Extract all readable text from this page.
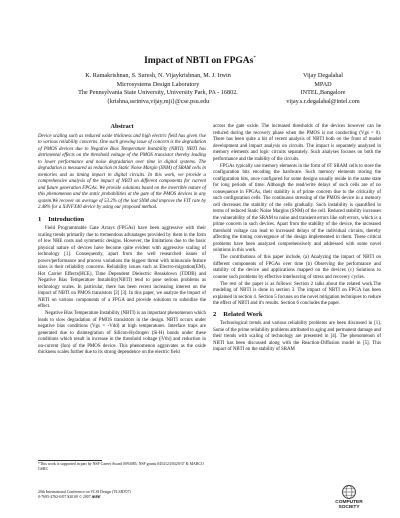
Impact of NBTI on FPGAs*
K. Ramakrishnan, S. Suresh, N. Vijaykrishnan, M. J. Irwin
Microsystems Design Laboratory
The Pennsylvania State University, University Park, PA - 16802.
{krishna,ssriniva,vijay,mji}@cse.psu.edu
Vijay Degalahal
MPAD
INTEL,Bangalore
vijay.s.r.degalahal@intel.com
Abstract

Device scaling such as reduced oxide thickness and high electric field has given rise to various reliability concerns. One such growing issue of concern is the degradation of PMOS devices due to Negative Bias Temperature Instability (NBTI). NBTI has detrimental effects on the threshold voltage of the PMOS transistor thereby leading to lower performance and noise degradation over time in digital systems. The degradation is measured as reduction in Static Noise Margin (SNM) of SRAM cells in memories and as timing impact in digital circuits. In this work, we provide a comprehensive analysis of the impact of NBTI on different components for current and future generation FPGAs. We provide solutions based on the invertible nature of this phenomenon and the static probabilities at the gate of the PMOS devices in any system.We recover an average of 53.2% of the lost SNM and improve the FIT rate by 2.48% for a X4VFX40 device by using our proposed method.

1 Introduction

Field Programmable Gate Arrays (FPGAs) have been aggressive with their scaling trends primarily due to tremendous advantages provided by them in the form of low NRE costs and symmetric designs. However, the limitations due to the basic physical nature of devices have become quite evident with aggressive scaling of technology [1]. Consequently, apart from the well researched issues of power/performance and process variations the biggest threat with minuscule feature sizes is their reliability concerns. Reliability issues such as Electro-migration(EM), Hot Carrier Effects(HCE), Time Dependent Dielectric Breakdown (TDDB) and Negative Bias Temperature Instability(NBTI) tend to pose serious problems as technology scales. In particular, there has been recent increasing interest on the impact of NBTI on PMOS transistors [2] [3]. In this paper, we analyze the impact of NBTI on various components of a FPGA and provide solutions to subsidize the effect.

Negative Bias Temperature Instability (NBTI) is an important phenomenon which leads to slow degradation of PMOS transistors in the design. NBTI occurs under negative bias conditions (Vgs = -Vdd) at high temperatures. Interface traps are generated due to disintegration of Silicon-Hydrogen (Si-H) bonds under these conditions which result in increase in the threshold voltage (|Vth|) and reduction in on-current (Ion) of the PMOS device. This phenomenon aggravates as the oxide thickness scales further due to its strong dependence on the electric field

across the gate oxide. The increased thresholds of the devices however can be reduced during the recovery phase when the PMOS is not conducting (Vgs = 0). There has been quite a bit of recent analysis of NBTI both on the front of model development and impact analysis on circuits. The impact is separately analyzed in memory elements and logic circuits separately. Such analyses focuses on both the performance and the stability of the circuits.

FPGAs typically use memory elements in the form of 6T SRAM cells to store the configuration bits encoding the hardware. Such memory elements storing the configuration bits, once configured for some designs usually reside in the same state for long periods of time. Although the read/write delays of such cells are of no consequence in FPGAs, their stability is of prime concern due to the criticality of such configuration cells. The continuous stressing of the PMOS device in a memory cell decreases the stability of the cells gradually. Such instability is quantified in terms of reduced Static Noise Margins (SNM) of the cell. Reduced stability increases the vulnerability of the SRAM to noise and transient errors like soft errors, which is a prime concern in such devices. Apart from the stability of the device, the increased threshold voltage can lead to increased delays of the individual circuits, thereby affecting the timing convergence of the design implemented in them. These critical problems have been analyzed comprehensively and addressed with some novel solutions in this work.

The contributions of this paper include, (a) Analyzing the impact of NBTI on different components of FPGAs over time (b) Observing the performance and stability of the device and applications mapped on the devices (c) Solutions to counter such problems by effective interleaving of stress and recovery cycles.

The rest of the paper is as follows: Section 2 talks about the related work.The modeling of NBTI is done in section 3. The impact of NBTI on FPGA has been explained in section 4. Section 5 focuses on the novel mitigation techniques to reduce the effect of NBTI and it's results. Section 6 concludes the paper.

2 Related Work

Technological trends and various reliability problems are been discussed in [1]. Some of the prime reliability problems attributed to aging and permanent damage and their trends with scaling of technology are presented in [4]. The phenomenon of NBTI has been discussed along with the Reaction-Diffusion model in [5]. This impact of NBTI on the stability of SRAM

*This work is supported in part by NSF Career Award 0093085, NSF grants 0454123/0429/37 & MARCO GSRC
20th International Conference on VLSI Design (VLSID'07)
0-7695-2762-0/07 $20.00 © 2007 IEEE
COMPUTER
SOCIETY
